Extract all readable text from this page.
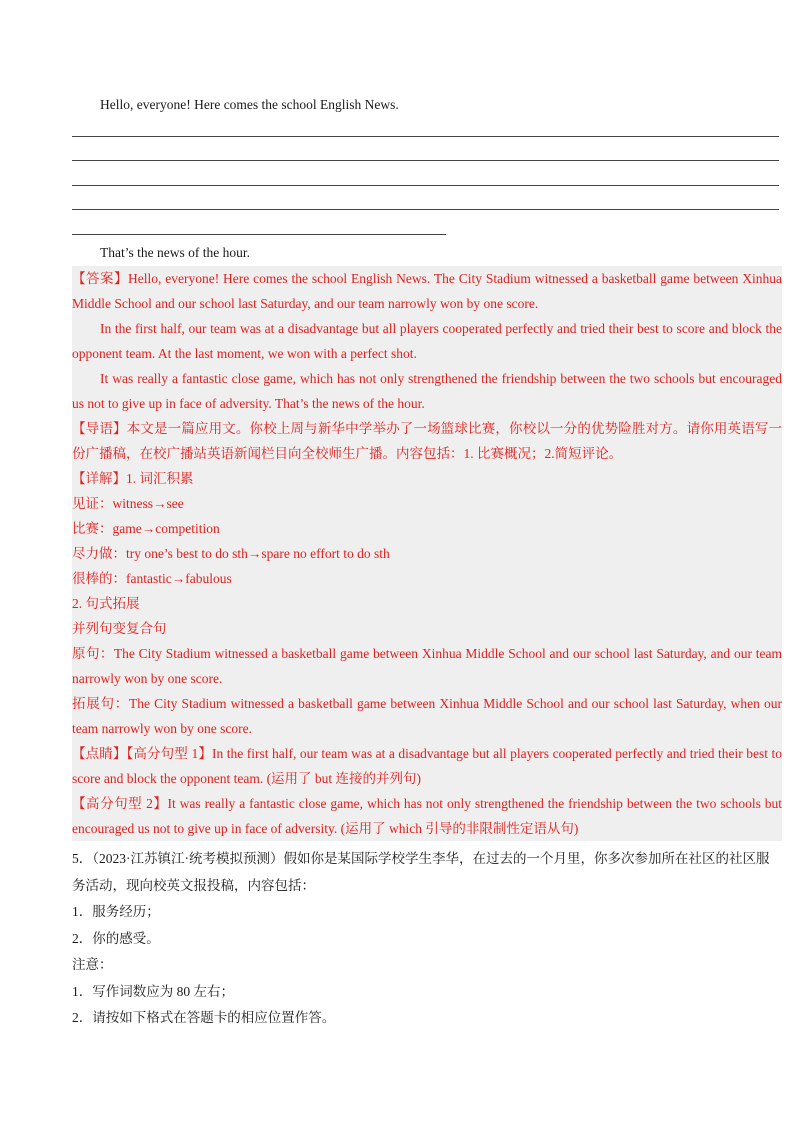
Hello, everyone! Here comes the school English News.
That’s the news of the hour.

【答案】Hello, everyone! Here comes the school English News. The City Stadium witnessed a basketball game between Xinhua Middle School and our school last Saturday, and our team narrowly won by one score.

In the first half, our team was at a disadvantage but all players cooperated perfectly and tried their best to score and block the opponent team. At the last moment, we won with a perfect shot.

It was really a fantastic close game, which has not only strengthened the friendship between the two schools but encouraged us not to give up in face of adversity. That’s the news of the hour.

【导语】本文是一篇应用文。你校上周与新华中学举办了一场篮球比赛，你校以一分的优势险胜对方。请你用英语写一份广播稿，在校广播站英语新闻栏目向全校师生广播。内容包括：1. 比赛概况；2.简短评论。

【详解】1. 词汇积累

见证：witness→see

比赛：game→competition

尽力做：try one’s best to do sth→spare no effort to do sth

很棒的：fantastic→fabulous

2. 句式拓展

并列句变复合句

原句：The City Stadium witnessed a basketball game between Xinhua Middle School and our school last Saturday, and our team narrowly won by one score.

拓展句：The City Stadium witnessed a basketball game between Xinhua Middle School and our school last Saturday, when our team narrowly won by one score.

【点睛】【高分句型 1】In the first half, our team was at a disadvantage but all players cooperated perfectly and tried their best to score and block the opponent team. (运用了 but 连接的并列句)

【高分句型 2】It was really a fantastic close game, which has not only strengthened the friendship between the two schools but encouraged us not to give up in face of adversity. (运用了 which 引导的非限制性定语从句)

5．（2023·江苏镇江·统考模拟预测）假如你是某国际学校学生李华，在过去的一个月里，你多次参加所在社区的社区服务活动，现向校英文报投稿，内容包括：

1．服务经历；

2．你的感受。

注意：

1．写作词数应为 80 左右；

2．请按如下格式在答题卡的相应位置作答。
